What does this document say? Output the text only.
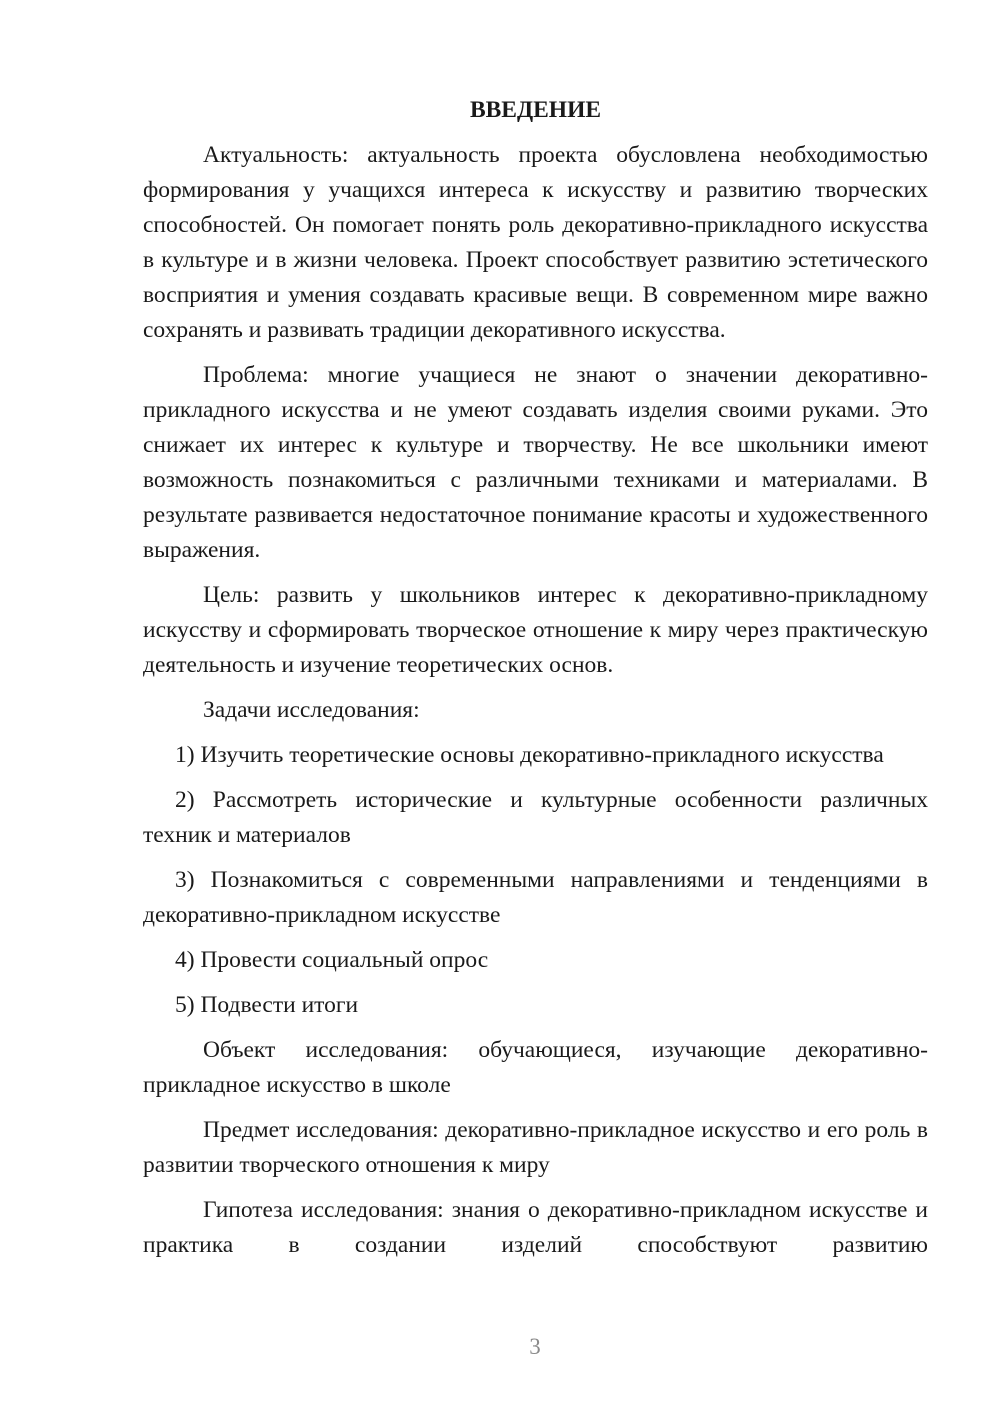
ВВЕДЕНИЕ

Актуальность: актуальность проекта обусловлена необходимостью формирования у учащихся интереса к искусству и развитию творческих способностей. Он помогает понять роль декоративно-прикладного искусства в культуре и в жизни человека. Проект способствует развитию эстетического восприятия и умения создавать красивые вещи. В современном мире важно сохранять и развивать традиции декоративного искусства.

Проблема: многие учащиеся не знают о значении декоративно-прикладного искусства и не умеют создавать изделия своими руками. Это снижает их интерес к культуре и творчеству. Не все школьники имеют возможность познакомиться с различными техниками и материалами. В результате развивается недостаточное понимание красоты и художественного выражения.

Цель: развить у школьников интерес к декоративно-прикладному искусству и сформировать творческое отношение к миру через практическую деятельность и изучение теоретических основ.

Задачи исследования:

1) Изучить теоретические основы декоративно-прикладного искусства

2) Рассмотреть исторические и культурные особенности различных техник и материалов

3) Познакомиться с современными направлениями и тенденциями в декоративно-прикладном искусстве

4) Провести социальный опрос

5) Подвести итоги

Объект исследования: обучающиеся, изучающие декоративно-прикладное искусство в школе

Предмет исследования: декоративно-прикладное искусство и его роль в развитии творческого отношения к миру

Гипотеза исследования: знания о декоративно-прикладном искусстве и практика в создании изделий способствуют развитию

3
